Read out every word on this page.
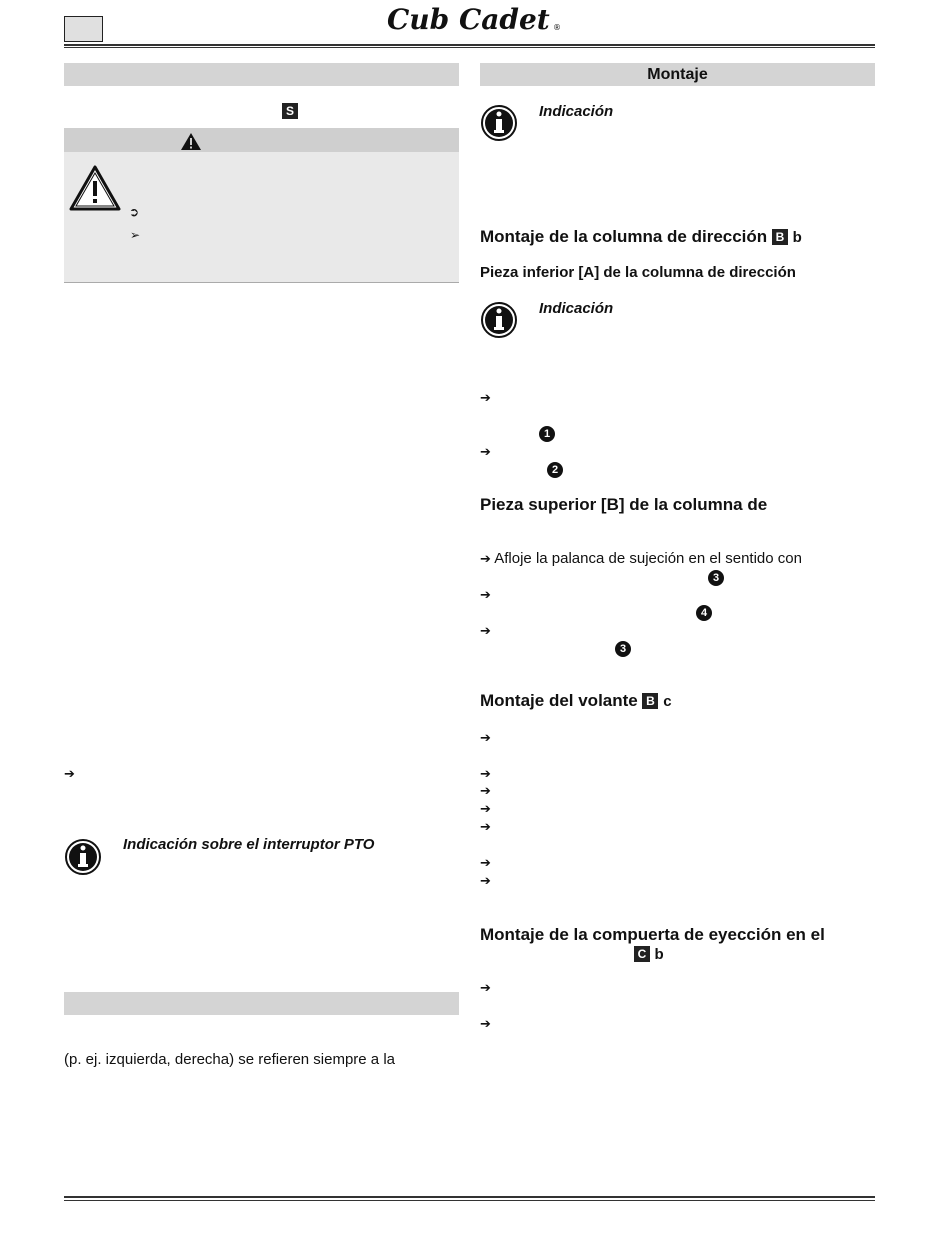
Cub Cadet ®
S
➲
➢
➔
Indicación sobre el interruptor PTO
(p. ej. izquierda, derecha) se refieren siempre a la
Montaje
Indicación
Montaje de la columna de dirección B b
Pieza inferior [A] de la columna de dirección
Indicación
➔
1
➔
2
Pieza superior [B] de la columna de
➔ Afloje la palanca de sujeción en el sentido con
3
➔
4
➔
3
Montaje del volante B c
➔
➔
➔
➔
➔
➔
➔
Montaje de la compuerta de eyección en el
C b
➔
➔
